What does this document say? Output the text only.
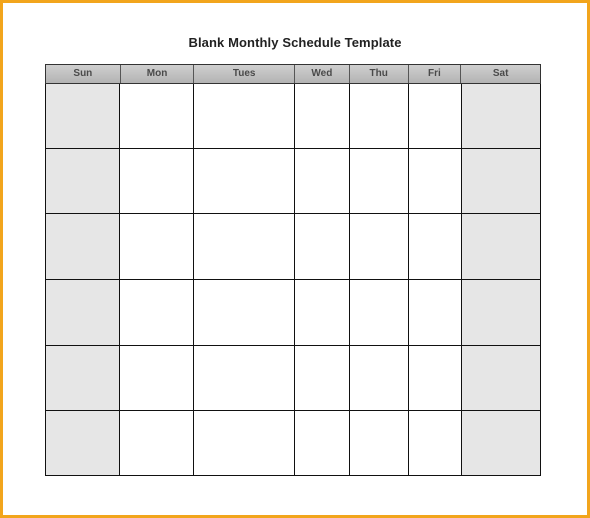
Blank Monthly Schedule Template
Sun	Mon	Tues	Wed	Thu	Fri	Sat
